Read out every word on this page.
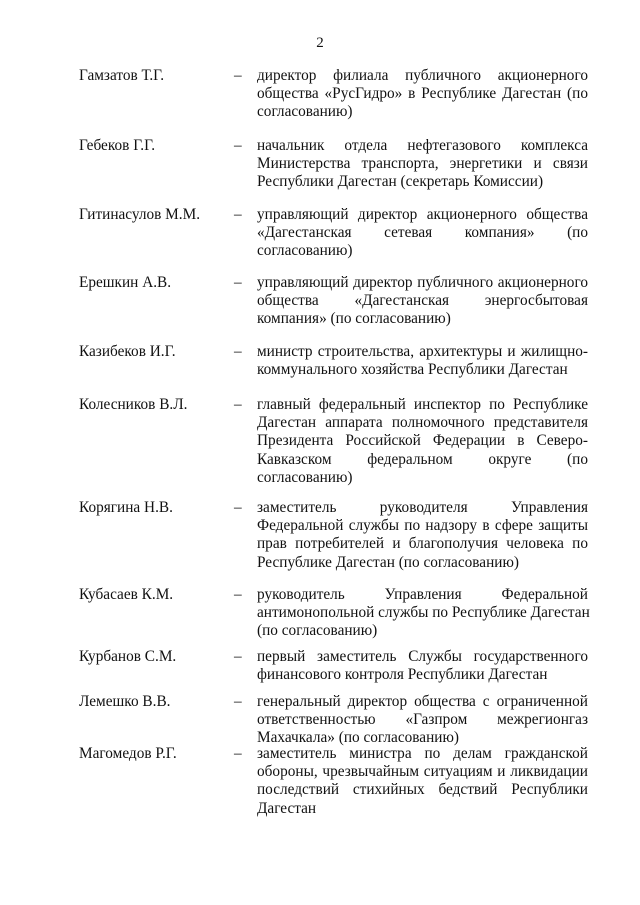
2
Гамзатов Т.Г.	– директор филиала публичного акционерного
общества «РусГидро» в Республике Дагестан (по
согласованию)
Гебеков Г.Г.	– начальник отдела нефтегазового комплекса
Министерства транспорта, энергетики и связи
Республики Дагестан (секретарь Комиссии)
Гитинасулов М.М. – управляющий директор акционерного общества
«Дагестанская сетевая компания» (по
согласованию)
Ерешкин А.В.	– управляющий директор публичного акционерного
общества «Дагестанская энергосбытовая
компания» (по согласованию)
Казибеков И.Г.	– министр строительства, архитектуры и жилищно-
коммунального хозяйства Республики Дагестан
Колесников В.Л.	– главный федеральный инспектор по Республике
Дагестан аппарата полномочного представителя
Президента Российской Федерации в Северо-
Кавказском федеральном округе (по
согласованию)
Корягина Н.В.	– заместитель руководителя Управления
Федеральной службы по надзору в сфере защиты
прав потребителей и благополучия человека по
Республике Дагестан (по согласованию)
Кубасаев К.М.	– руководитель Управления Федеральной
антимонопольной службы по Республике Дагестан
(по согласованию)
Курбанов С.М.	– первый заместитель Службы государственного
финансового контроля Республики Дагестан
Лемешко В.В.	– генеральный директор общества с ограниченной
ответственностью «Газпром межрегионгаз
Махачкала» (по согласованию)
Магомедов Р.Г.	– заместитель министра по делам гражданской
обороны, чрезвычайным ситуациям и ликвидации
последствий стихийных бедствий Республики
Дагестан
